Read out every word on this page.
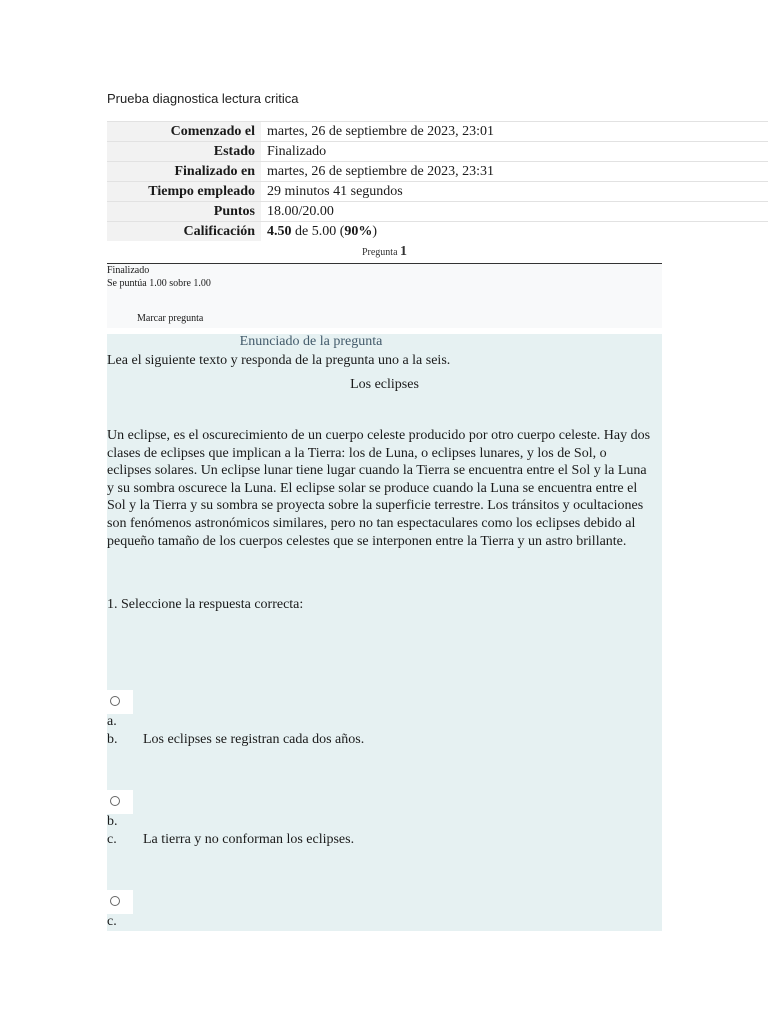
Prueba diagnostica lectura critica
Comenzado el	martes, 26 de septiembre de 2023, 23:01
Estado	Finalizado
Finalizado en	martes, 26 de septiembre de 2023, 23:31
Tiempo empleado	29 minutos 41 segundos
Puntos	18.00/20.00
Calificación	4.50 de 5.00 (90%)
Pregunta 1
Finalizado
Se puntúa 1.00 sobre 1.00
Marcar pregunta
Enunciado de la pregunta
Lea el siguiente texto y responda de la pregunta uno a la seis.
Los eclipses
Un eclipse, es el oscurecimiento de un cuerpo celeste producido por otro cuerpo celeste. Hay dos clases de eclipses que implican a la Tierra: los de Luna, o eclipses lunares, y los de Sol, o eclipses solares. Un eclipse lunar tiene lugar cuando la Tierra se encuentra entre el Sol y la Luna y su sombra oscurece la Luna. El eclipse solar se produce cuando la Luna se encuentra entre el Sol y la Tierra y su sombra se proyecta sobre la superficie terrestre. Los tránsitos y ocultaciones son fenómenos astronómicos similares, pero no tan espectaculares como los eclipses debido al pequeño tamaño de los cuerpos celestes que se interponen entre la Tierra y un astro brillante.
1. Seleccione la respuesta correcta:
a.
b. Los eclipses se registran cada dos años.
b.
c. La tierra y no conforman los eclipses.
c.
